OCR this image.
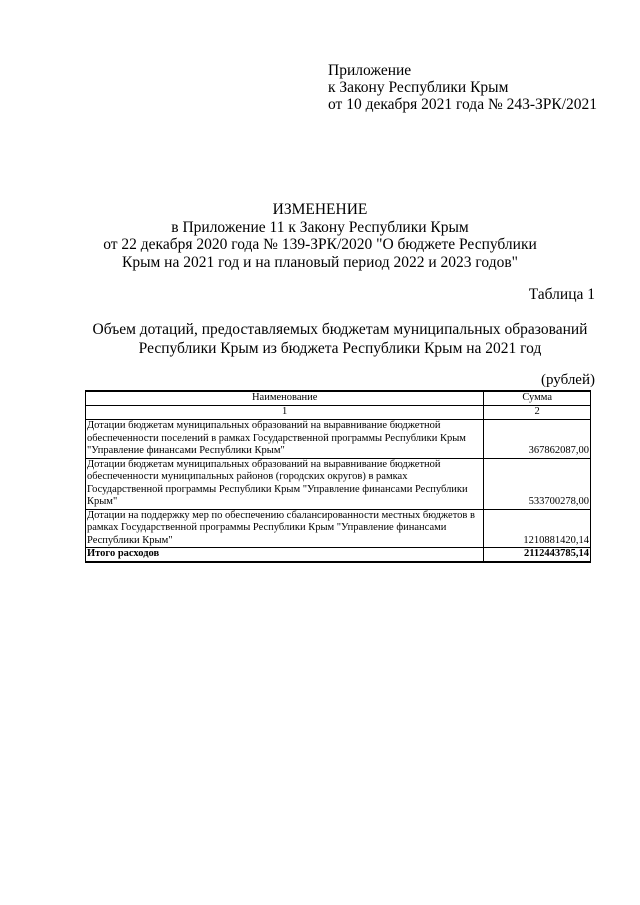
Приложение
к Закону Республики Крым
от 10 декабря 2021 года № 243-ЗРК/2021
ИЗМЕНЕНИЕ
в Приложение 11 к Закону Республики Крым
от 22 декабря 2020 года № 139-ЗРК/2020 "О бюджете Республики
Крым на 2021 год и на плановый период 2022 и 2023 годов"
Таблица 1
Объем дотаций, предоставляемых бюджетам муниципальных образований
Республики Крым из бюджета Республики Крым на 2021 год
(рублей)
Наименование	Сумма
1	2
Дотации бюджетам муниципальных образований на выравнивание бюджетной обеспеченности поселений в рамках Государственной программы Республики Крым "Управление финансами Республики Крым"	367862087,00
Дотации бюджетам муниципальных образований на выравнивание бюджетной обеспеченности муниципальных районов (городских округов) в рамках Государственной программы Республики Крым "Управление финансами Республики Крым"	533700278,00
Дотации на поддержку мер по обеспечению сбалансированности местных бюджетов в рамках Государственной программы Республики Крым "Управление финансами Республики Крым"	1210881420,14
Итого расходов	2112443785,14
